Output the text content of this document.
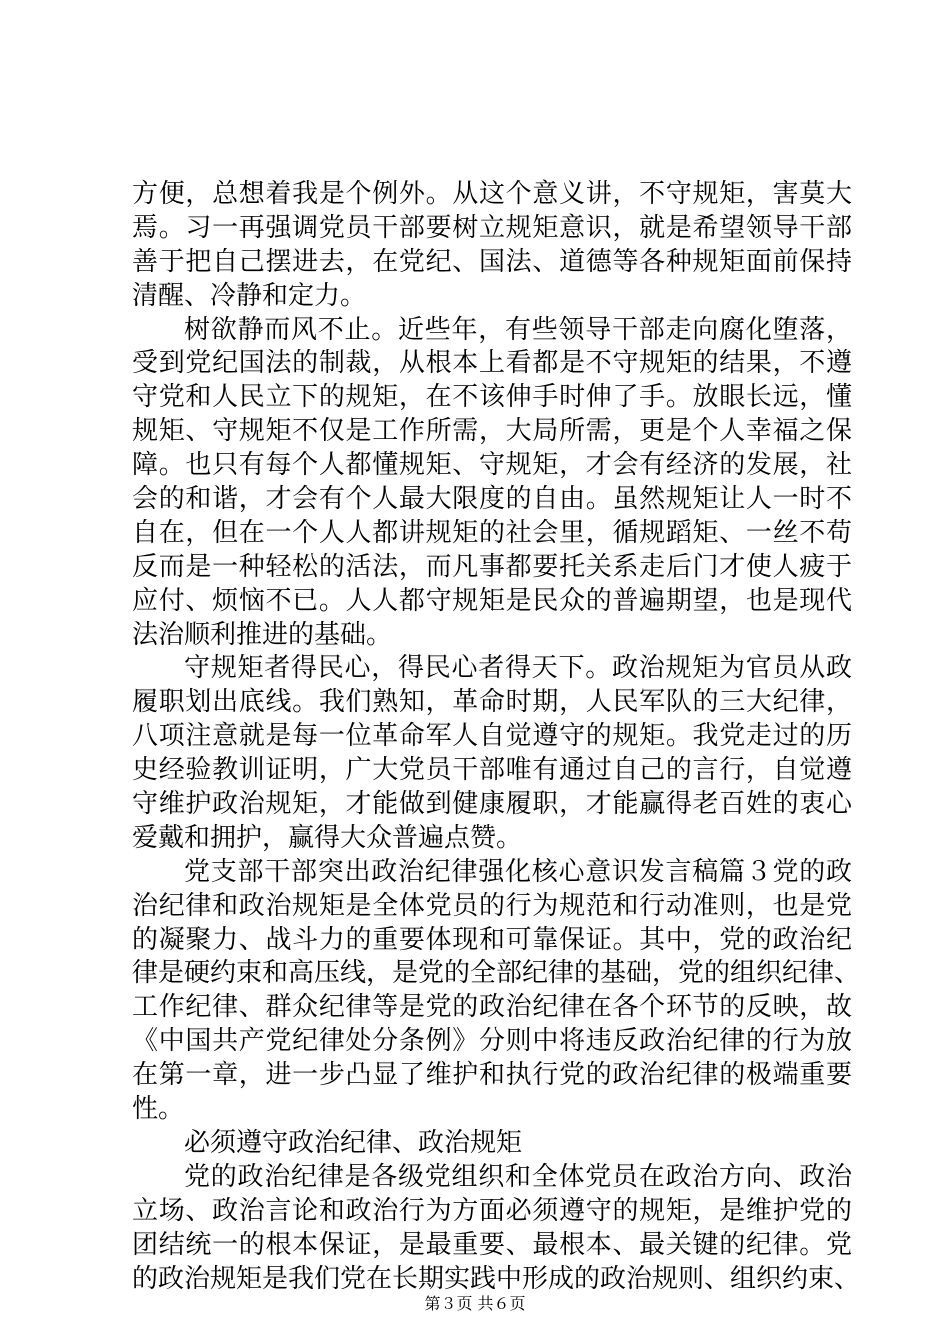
方便，总想着我是个例外。从这个意义讲，不守规矩，害莫大
焉。习一再强调党员干部要树立规矩意识，就是希望领导干部
善于把自己摆进去，在党纪、国法、道德等各种规矩面前保持
清醒、冷静和定力。
树欲静而风不止。近些年，有些领导干部走向腐化堕落，
受到党纪国法的制裁，从根本上看都是不守规矩的结果，不遵
守党和人民立下的规矩，在不该伸手时伸了手。放眼长远，懂
规矩、守规矩不仅是工作所需，大局所需，更是个人幸福之保
障。也只有每个人都懂规矩、守规矩，才会有经济的发展，社
会的和谐，才会有个人最大限度的自由。虽然规矩让人一时不
自在，但在一个人人都讲规矩的社会里，循规蹈矩、一丝不苟
反而是一种轻松的活法，而凡事都要托关系走后门才使人疲于
应付、烦恼不已。人人都守规矩是民众的普遍期望，也是现代
法治顺利推进的基础。
守规矩者得民心，得民心者得天下。政治规矩为官员从政
履职划出底线。我们熟知，革命时期，人民军队的三大纪律，
八项注意就是每一位革命军人自觉遵守的规矩。我党走过的历
史经验教训证明，广大党员干部唯有通过自己的言行，自觉遵
守维护政治规矩，才能做到健康履职，才能赢得老百姓的衷心
爱戴和拥护，赢得大众普遍点赞。
党支部干部突出政治纪律强化核心意识发言稿篇３党的政
治纪律和政治规矩是全体党员的行为规范和行动准则，也是党
的凝聚力、战斗力的重要体现和可靠保证。其中，党的政治纪
律是硬约束和高压线，是党的全部纪律的基础，党的组织纪律、
工作纪律、群众纪律等是党的政治纪律在各个环节的反映，故
《中国共产党纪律处分条例》分则中将违反政治纪律的行为放
在第一章，进一步凸显了维护和执行党的政治纪律的极端重要
性。
必须遵守政治纪律、政治规矩
党的政治纪律是各级党组织和全体党员在政治方向、政治
立场、政治言论和政治行为方面必须遵守的规矩，是维护党的
团结统一的根本保证，是最重要、最根本、最关键的纪律。党
的政治规矩是我们党在长期实践中形成的政治规则、组织约束、
第３页 共６页
